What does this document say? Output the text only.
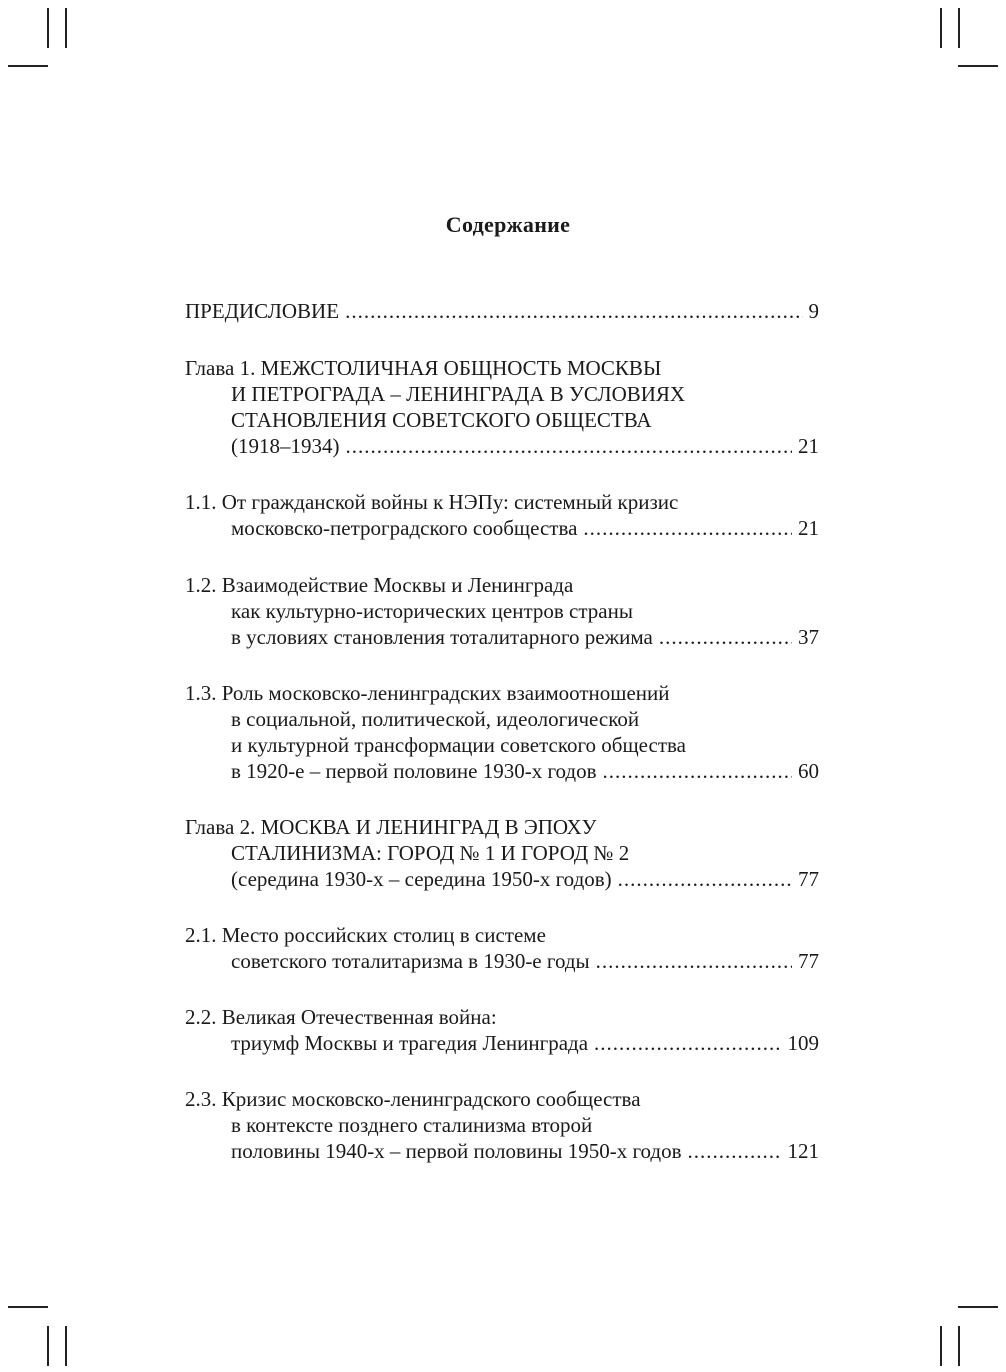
Содержание
ПРЕДИСЛОВИЕ .....	9
Глава 1. МЕЖСТОЛИЧНАЯ ОБЩНОСТЬ МОСКВЫ
И ПЕТРОГРАДА – ЛЕНИНГРАДА В УСЛОВИЯХ
СТАНОВЛЕНИЯ СОВЕТСКОГО ОБЩЕСТВА
(1918–1934) .....	21
1.1. От гражданской войны к НЭПу: системный кризис
московско-петроградского сообщества .....	21
1.2. Взаимодействие Москвы и Ленинграда
как культурно-исторических центров страны
в условиях становления тоталитарного режима .....	37
1.3. Роль московско-ленинградских взаимоотношений
в социальной, политической, идеологической
и культурной трансформации советского общества
в 1920-е – первой половине 1930-х годов .....	60
Глава 2. МОСКВА И ЛЕНИНГРАД В ЭПОХУ
СТАЛИНИЗМА: ГОРОД № 1 И ГОРОД № 2
(середина 1930-х – середина 1950-х годов) .....	77
2.1. Место российских столиц в системе
советского тоталитаризма в 1930-е годы .....	77
2.2. Великая Отечественная война:
триумф Москвы и трагедия Ленинграда .....	109
2.3. Кризис московско-ленинградского сообщества
в контексте позднего сталинизма второй
половины 1940-х – первой половины 1950-х годов .....	121
